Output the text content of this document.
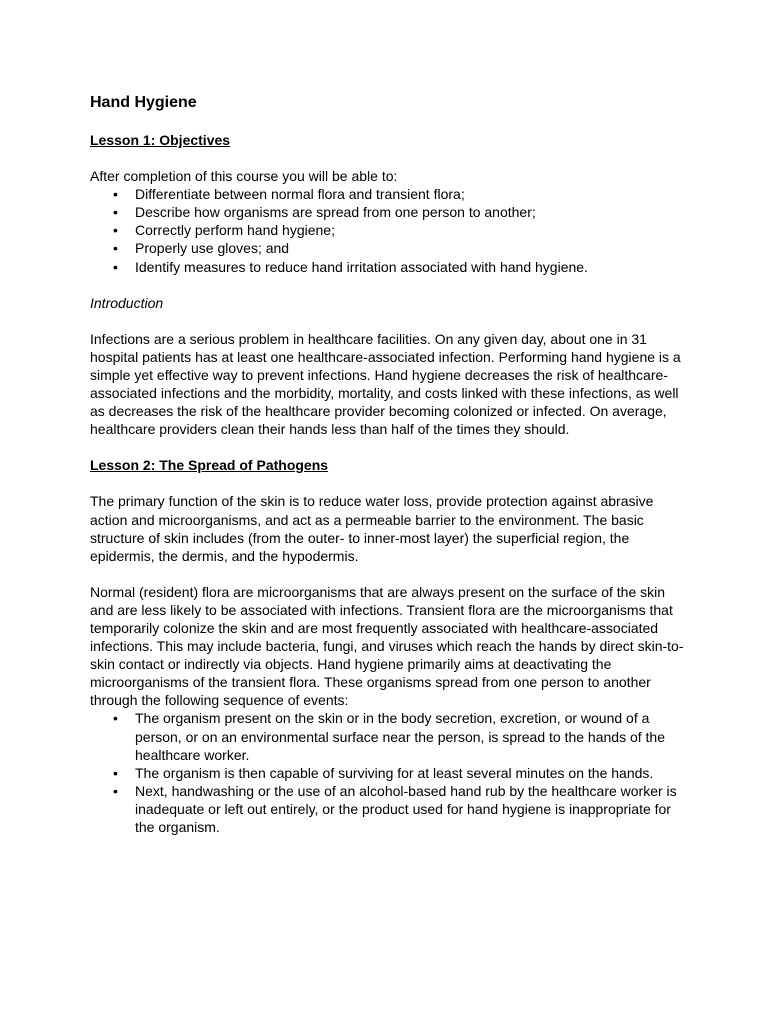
Hand Hygiene
Lesson 1: Objectives

After completion of this course you will be able to:

• Differentiate between normal flora and transient flora;
• Describe how organisms are spread from one person to another;
• Correctly perform hand hygiene;
• Properly use gloves; and
• Identify measures to reduce hand irritation associated with hand hygiene.
Introduction

Infections are a serious problem in healthcare facilities. On any given day, about one in 31 hospital patients has at least one healthcare-associated infection. Performing hand hygiene is a simple yet effective way to prevent infections. Hand hygiene decreases the risk of healthcare-associated infections and the morbidity, mortality, and costs linked with these infections, as well as decreases the risk of the healthcare provider becoming colonized or infected. On average, healthcare providers clean their hands less than half of the times they should.

Lesson 2: The Spread of Pathogens

The primary function of the skin is to reduce water loss, provide protection against abrasive action and microorganisms, and act as a permeable barrier to the environment. The basic structure of skin includes (from the outer- to inner-most layer) the superficial region, the epidermis, the dermis, and the hypodermis.

Normal (resident) flora are microorganisms that are always present on the surface of the skin and are less likely to be associated with infections. Transient flora are the microorganisms that temporarily colonize the skin and are most frequently associated with healthcare-associated infections. This may include bacteria, fungi, and viruses which reach the hands by direct skin-to-skin contact or indirectly via objects. Hand hygiene primarily aims at deactivating the microorganisms of the transient flora. These organisms spread from one person to another through the following sequence of events:

• The organism present on the skin or in the body secretion, excretion, or wound of a person, or on an environmental surface near the person, is spread to the hands of the healthcare worker.
• The organism is then capable of surviving for at least several minutes on the hands.
• Next, handwashing or the use of an alcohol-based hand rub by the healthcare worker is inadequate or left out entirely, or the product used for hand hygiene is inappropriate for the organism.
